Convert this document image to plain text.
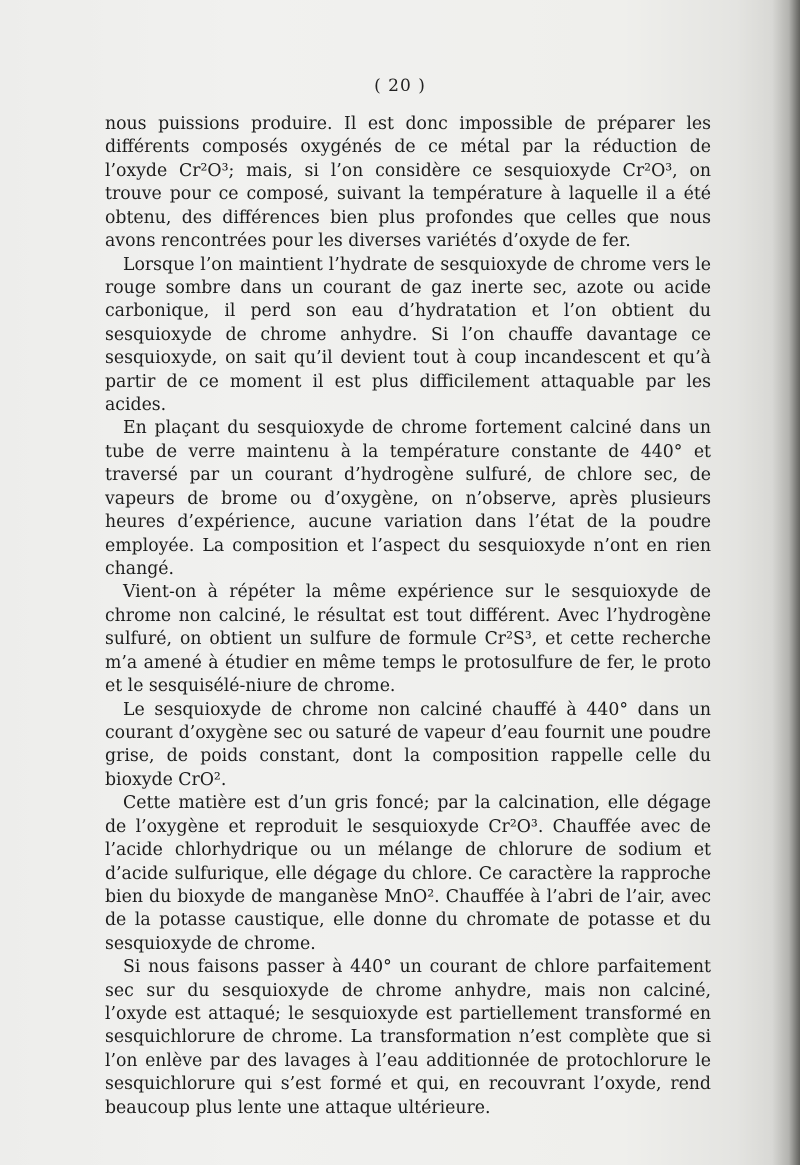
( 20 )

nous puissions produire. Il est donc impossible de préparer les différents composés oxygénés de ce métal par la réduction de l’oxyde Cr²O³; mais, si l’on considère ce sesquioxyde Cr²O³, on trouve pour ce composé, suivant la température à laquelle il a été obtenu, des différences bien plus profondes que celles que nous avons rencontrées pour les diverses variétés d’oxyde de fer.

Lorsque l’on maintient l’hydrate de sesquioxyde de chrome vers le rouge sombre dans un courant de gaz inerte sec, azote ou acide carbonique, il perd son eau d’hydratation et l’on obtient du sesquioxyde de chrome anhydre. Si l’on chauffe davantage ce sesquioxyde, on sait qu’il devient tout à coup incandescent et qu’à partir de ce moment il est plus difficilement attaquable par les acides.

En plaçant du sesquioxyde de chrome fortement calciné dans un tube de verre maintenu à la température constante de 440° et traversé par un courant d’hydrogène sulfuré, de chlore sec, de vapeurs de brome ou d’oxygène, on n’observe, après plusieurs heures d’expérience, aucune variation dans l’état de la poudre employée. La composition et l’aspect du sesquioxyde n’ont en rien changé.

Vient-on à répéter la même expérience sur le sesquioxyde de chrome non calciné, le résultat est tout différent. Avec l’hydrogène sulfuré, on obtient un sulfure de formule Cr²S³, et cette recherche m’a amené à étudier en même temps le protosulfure de fer, le proto et le sesquisélé-niure de chrome.

Le sesquioxyde de chrome non calciné chauffé à 440° dans un courant d’oxygène sec ou saturé de vapeur d’eau fournit une poudre grise, de poids constant, dont la composition rappelle celle du bioxyde CrO².

Cette matière est d’un gris foncé; par la calcination, elle dégage de l’oxygène et reproduit le sesquioxyde Cr²O³. Chauffée avec de l’acide chlorhydrique ou un mélange de chlorure de sodium et d’acide sulfurique, elle dégage du chlore. Ce caractère la rapproche bien du bioxyde de manganèse MnO². Chauffée à l’abri de l’air, avec de la potasse caustique, elle donne du chromate de potasse et du sesquioxyde de chrome.

Si nous faisons passer à 440° un courant de chlore parfaitement sec sur du sesquioxyde de chrome anhydre, mais non calciné, l’oxyde est attaqué; le sesquioxyde est partiellement transformé en sesquichlorure de chrome. La transformation n’est complète que si l’on enlève par des lavages à l’eau additionnée de protochlorure le sesquichlorure qui s’est formé et qui, en recouvrant l’oxyde, rend beaucoup plus lente une attaque ultérieure.
